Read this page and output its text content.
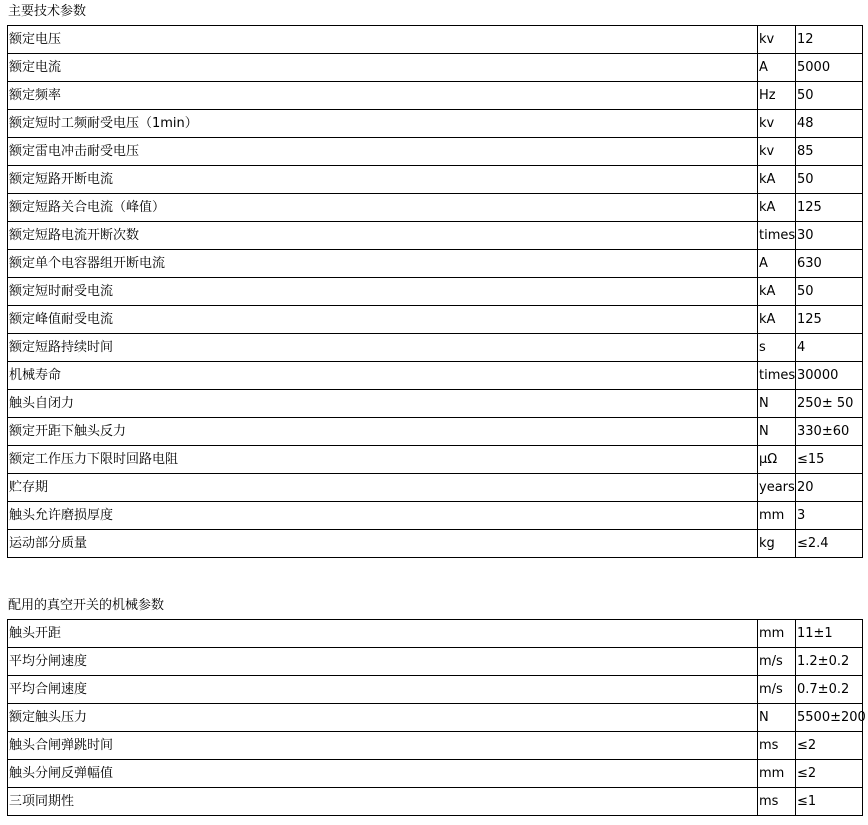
主要技术参数
额定电压	kv	12
额定电流	A	5000
额定频率	Hz	50
额定短时工频耐受电压（1min）	kv	48
额定雷电冲击耐受电压	kv	85
额定短路开断电流	kA	50
额定短路关合电流（峰值）	kA	125
额定短路电流开断次数	times	30
额定单个电容器组开断电流	A	630
额定短时耐受电流	kA	50
额定峰值耐受电流	kA	125
额定短路持续时间	s	4
机械寿命	times	30000
触头自闭力	N	250± 50
额定开距下触头反力	N	330±60
额定工作压力下限时回路电阻	μΩ	≤15
贮存期	years	20
触头允许磨损厚度	mm	3
运动部分质量	kg	≤2.4
配用的真空开关的机械参数
触头开距	mm	11±1
平均分闸速度	m/s	1.2±0.2
平均合闸速度	m/s	0.7±0.2
额定触头压力	N	5500±200
触头合闸弹跳时间	ms	≤2
触头分闸反弹幅值	mm	≤2
三项同期性	ms	≤1
